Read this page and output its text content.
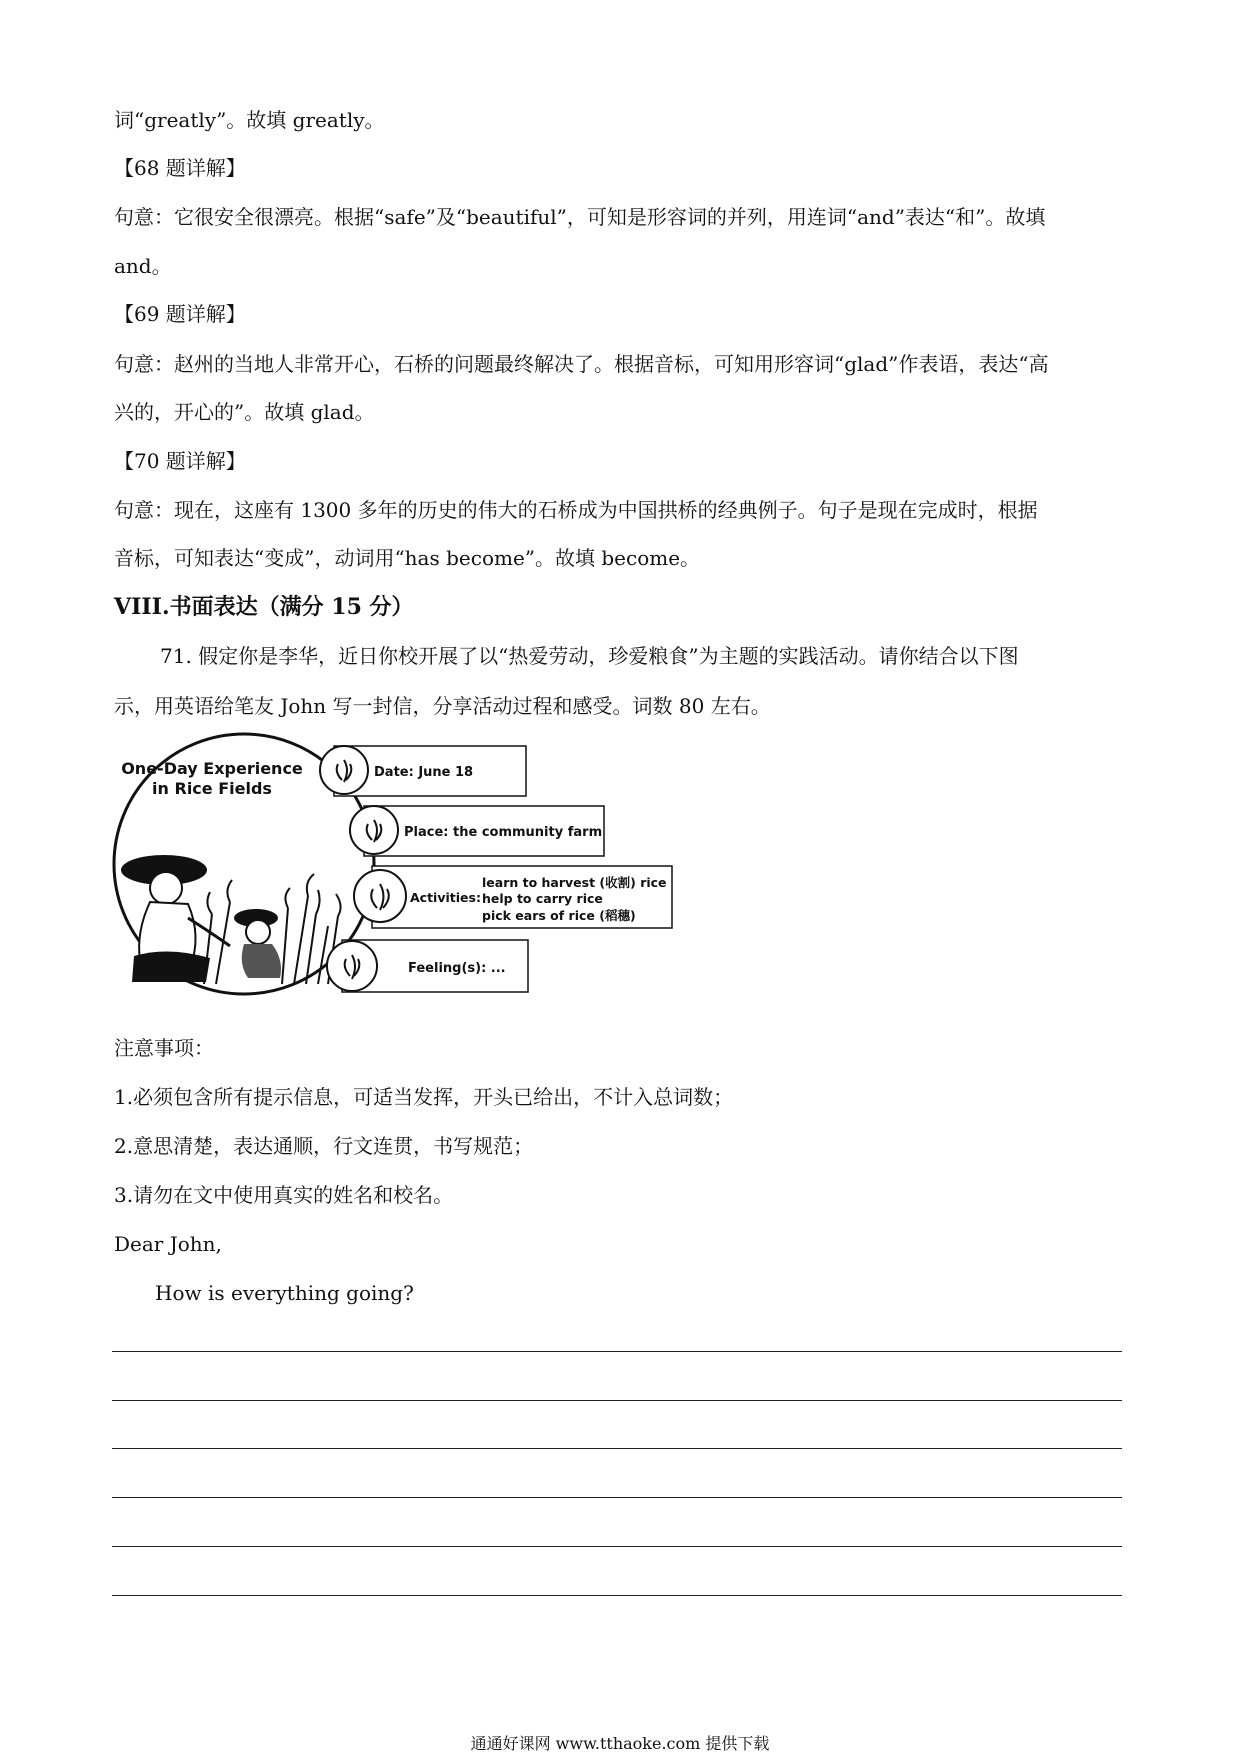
词“greatly”。故填 greatly。
【68 题详解】
句意：它很安全很漂亮。根据“safe”及“beautiful”，可知是形容词的并列，用连词“and”表达“和”。故填
and。
【69 题详解】
句意：赵州的当地人非常开心，石桥的问题最终解决了。根据音标，可知用形容词“glad”作表语，表达“高
兴的，开心的”。故填 glad。
【70 题详解】
句意：现在，这座有 1300 多年的历史的伟大的石桥成为中国拱桥的经典例子。句子是现在完成时，根据
音标，可知表达“变成”，动词用“has become”。故填 become。
VIII.书面表达（满分 15 分）
71. 假定你是李华，近日你校开展了以“热爱劳动，珍爱粮食”为主题的实践活动。请你结合以下图
示，用英语给笔友 John 写一封信，分享活动过程和感受。词数 80 左右。
One-Day Experience
in Rice Fields
Date: June 18
Place: the community farm
Activities:
learn to harvest (收割) rice
help to carry rice
pick ears of rice (稻穗)
Feeling(s): ...
注意事项：
1.必须包含所有提示信息，可适当发挥，开头已给出，不计入总词数；
2.意思清楚，表达通顺，行文连贯，书写规范；
3.请勿在文中使用真实的姓名和校名。
Dear John,
How is everything going?
通通好课网 www.tthaoke.com 提供下载
